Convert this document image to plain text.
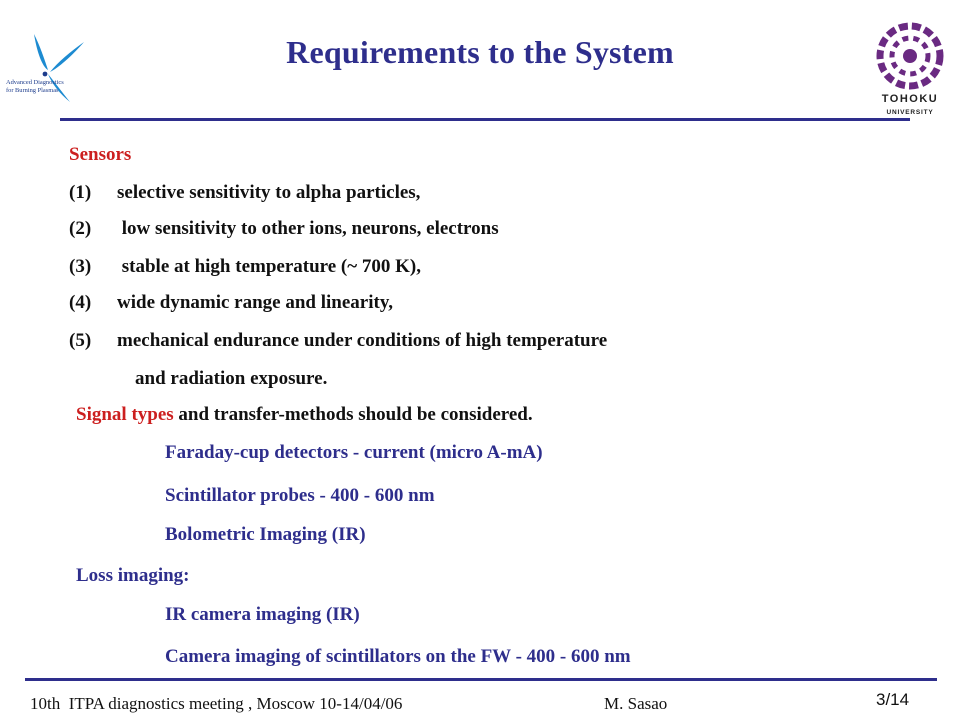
Advanced Diagnostics
for Burning Plasmas
TOHOKU
UNIVERSITY
Requirements to the System
Sensors
(1) selective sensitivity to alpha particles,
(2) low sensitivity to other ions, neurons, electrons
(3) stable at high temperature (~ 700 K),
(4) wide dynamic range and linearity,
(5) mechanical endurance under conditions of high temperature
and radiation exposure.
Signal types and transfer-methods should be considered.
Faraday-cup detectors - current (micro A-mA)
Scintillator probes - 400 - 600 nm
Bolometric Imaging (IR)
Loss imaging:
IR camera imaging (IR)
Camera imaging of scintillators on the FW - 400 - 600 nm
10th  ITPA diagnostics meeting , Moscow 10-14/04/06	M. Sasao	3/14
